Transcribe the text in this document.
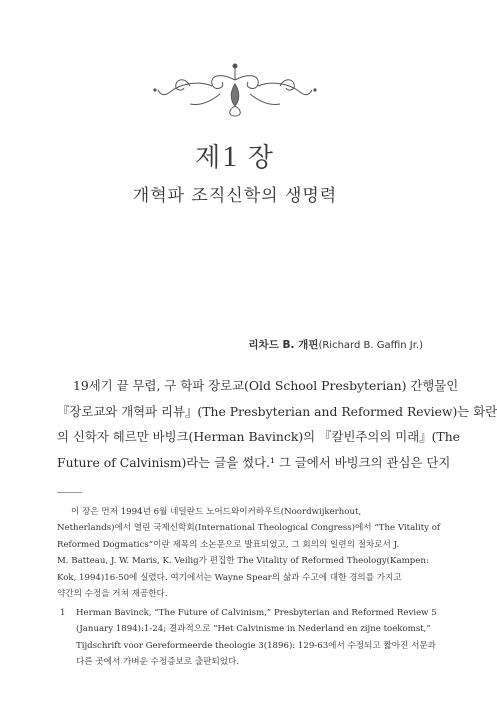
제1 장
개혁파 조직신학의 생명력
리차드 B. 개핀(Richard B. Gaffin Jr.)
19세기 끝 무렵, 구 학파 장로교(Old School Presbyterian) 간행물인
『장로교와 개혁파 리뷰』(The Presbyterian and Reformed Review)는 화란
의 신학자 헤르만 바빙크(Herman Bavinck)의 『칼빈주의의 미래』(The
Future of Calvinism)라는 글을 썼다.¹ 그 글에서 바빙크의 관심은 단지
이 장은 먼저 1994년 6월 네덜란드 노어드와이커하우트(Noordwijkerhout,
Netherlands)에서 열린 국제신학회(International Theological Congress)에서 “The Vitality of
Reformed Dogmatics”이란 제목의 소논문으로 발표되었고, 그 회의의 일련의 절차로서 J.
M. Batteau, J. W. Maris, K. Veilig가 편집한 The Vitality of Reformed Theology(Kampen:
Kok, 1994)16-50에 실렸다. 여기에서는 Wayne Spear의 삶과 수고에 대한 경의를 가지고
약간의 수정을 거쳐 재공한다.
1	Herman Bavinck, “The Future of Calvinism,” Presbyterian and Reformed Review 5
(January 1894):1-24; 결과적으로 “Het Calvinisme in Nederland en zijne toekomst,”
Tijdschrift voor Gereformeerde theologie 3(1896): 129-63에서 수정되고 짧아진 서문과
다른 곳에서 가벼운 수정증보로 출판되었다.
